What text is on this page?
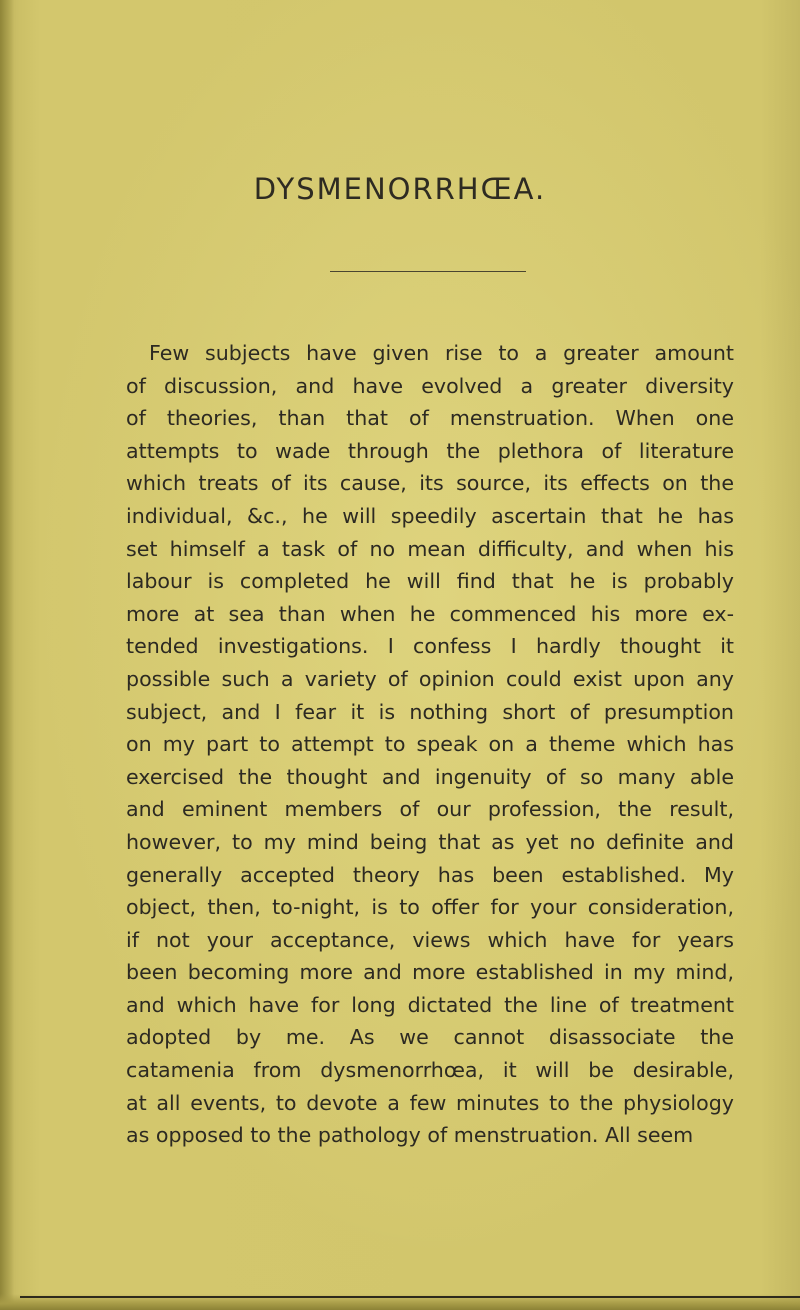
DYSMENORRHŒA.
Few subjects have given rise to a greater amount
of discussion, and have evolved a greater diversity
of theories, than that of menstruation. When one
attempts to wade through the plethora of literature
which treats of its cause, its source, its effects on the
individual, &c., he will speedily ascertain that he has
set himself a task of no mean difficulty, and when his
labour is completed he will find that he is probably
more at sea than when he commenced his more ex-
tended investigations. I confess I hardly thought it
possible such a variety of opinion could exist upon any
subject, and I fear it is nothing short of presumption
on my part to attempt to speak on a theme which has
exercised the thought and ingenuity of so many able
and eminent members of our profession, the result,
however, to my mind being that as yet no definite and
generally accepted theory has been established. My
object, then, to-night, is to offer for your consideration,
if not your acceptance, views which have for years
been becoming more and more established in my mind,
and which have for long dictated the line of treatment
adopted by me. As we cannot disassociate the
catamenia from dysmenorrhœa, it will be desirable,
at all events, to devote a few minutes to the physiology
as opposed to the pathology of menstruation. All seem
